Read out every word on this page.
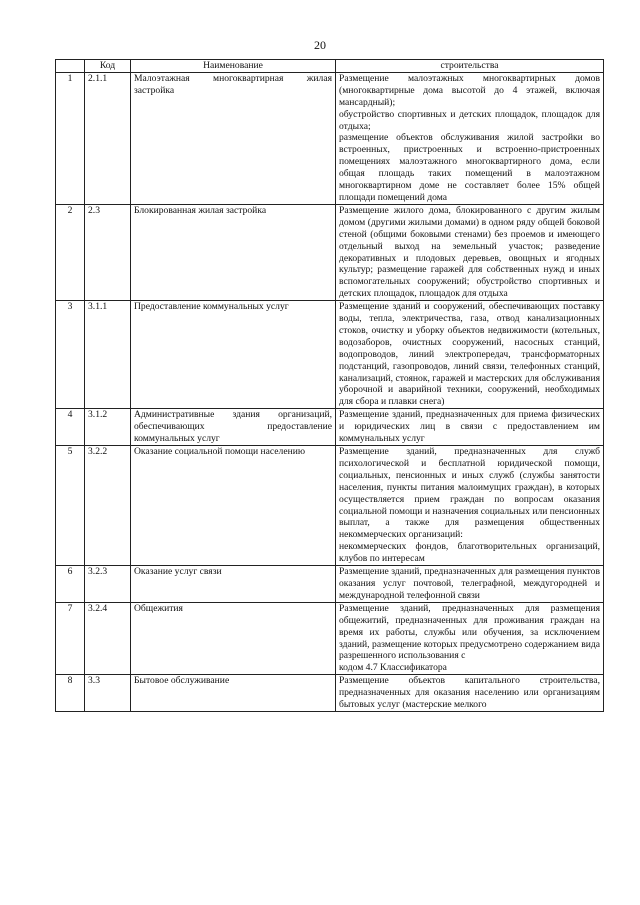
20
	Код	Наименование	строительства
1	2.1.1	Малоэтажная многоквартирная жилая застройка	Размещение малоэтажных многоквартирных домов (многоквартирные дома высотой до 4 этажей, включая мансардный);
обустройство спортивных и детских площадок, площадок для отдыха;
размещение объектов обслуживания жилой застройки во встроенных, пристроенных и встроенно-пристроенных помещениях малоэтажного многоквартирного дома, если общая площадь таких помещений в малоэтажном многоквартирном доме не составляет более 15% общей площади помещений дома

2	2.3	Блокированная жилая застройка	Размещение жилого дома, блокированного с другим жилым домом (другими жилыми домами) в одном ряду общей боковой стеной (общими боковыми стенами) без проемов и имеющего отдельный выход на земельный участок; разведение декоративных и плодовых деревьев, овощных и ягодных культур; размещение гаражей для собственных нужд и иных вспомогательных сооружений; обустройство спортивных и детских площадок, площадок для отдыха

3	3.1.1	Предоставление коммунальных услуг	Размещение зданий и сооружений, обеспечивающих поставку воды, тепла, электричества, газа, отвод канализационных стоков, очистку и уборку объектов недвижимости (котельных, водозаборов, очистных сооружений, насосных станций, водопроводов, линий электропередач, трансформаторных подстанций, газопроводов, линий связи, телефонных станций, канализаций, стоянок, гаражей и мастерских для обслуживания уборочной и аварийной техники, сооружений, необходимых для сбора и плавки снега)

4	3.1.2	Административные здания организаций, обеспечивающих предоставление коммунальных услуг	Размещение зданий, предназначенных для приема физических и юридических лиц в связи с предоставлением им коммунальных услуг

5	3.2.2	Оказание социальной помощи населению	Размещение зданий, предназначенных для служб психологической и бесплатной юридической помощи, социальных, пенсионных и иных служб (службы занятости населения, пункты питания малоимущих граждан), в которых осуществляется прием граждан по вопросам оказания социальной помощи и назначения социальных или пенсионных выплат, а также для размещения общественных некоммерческих организаций:
некоммерческих фондов, благотворительных организаций, клубов по интересам

6	3.2.3	Оказание услуг связи	Размещение зданий, предназначенных для размещения пунктов оказания услуг почтовой, телеграфной, междугородней и международной телефонной связи

7	3.2.4	Общежития	Размещение зданий, предназначенных для размещения общежитий, предназначенных для проживания граждан на время их работы, службы или обучения, за исключением зданий, размещение которых предусмотрено содержанием вида разрешенного использования с
кодом 4.7 Классификатора

8	3.3	Бытовое обслуживание	Размещение объектов капитального строительства, предназначенных для оказания населению или организациям бытовых услуг (мастерские мелкого
